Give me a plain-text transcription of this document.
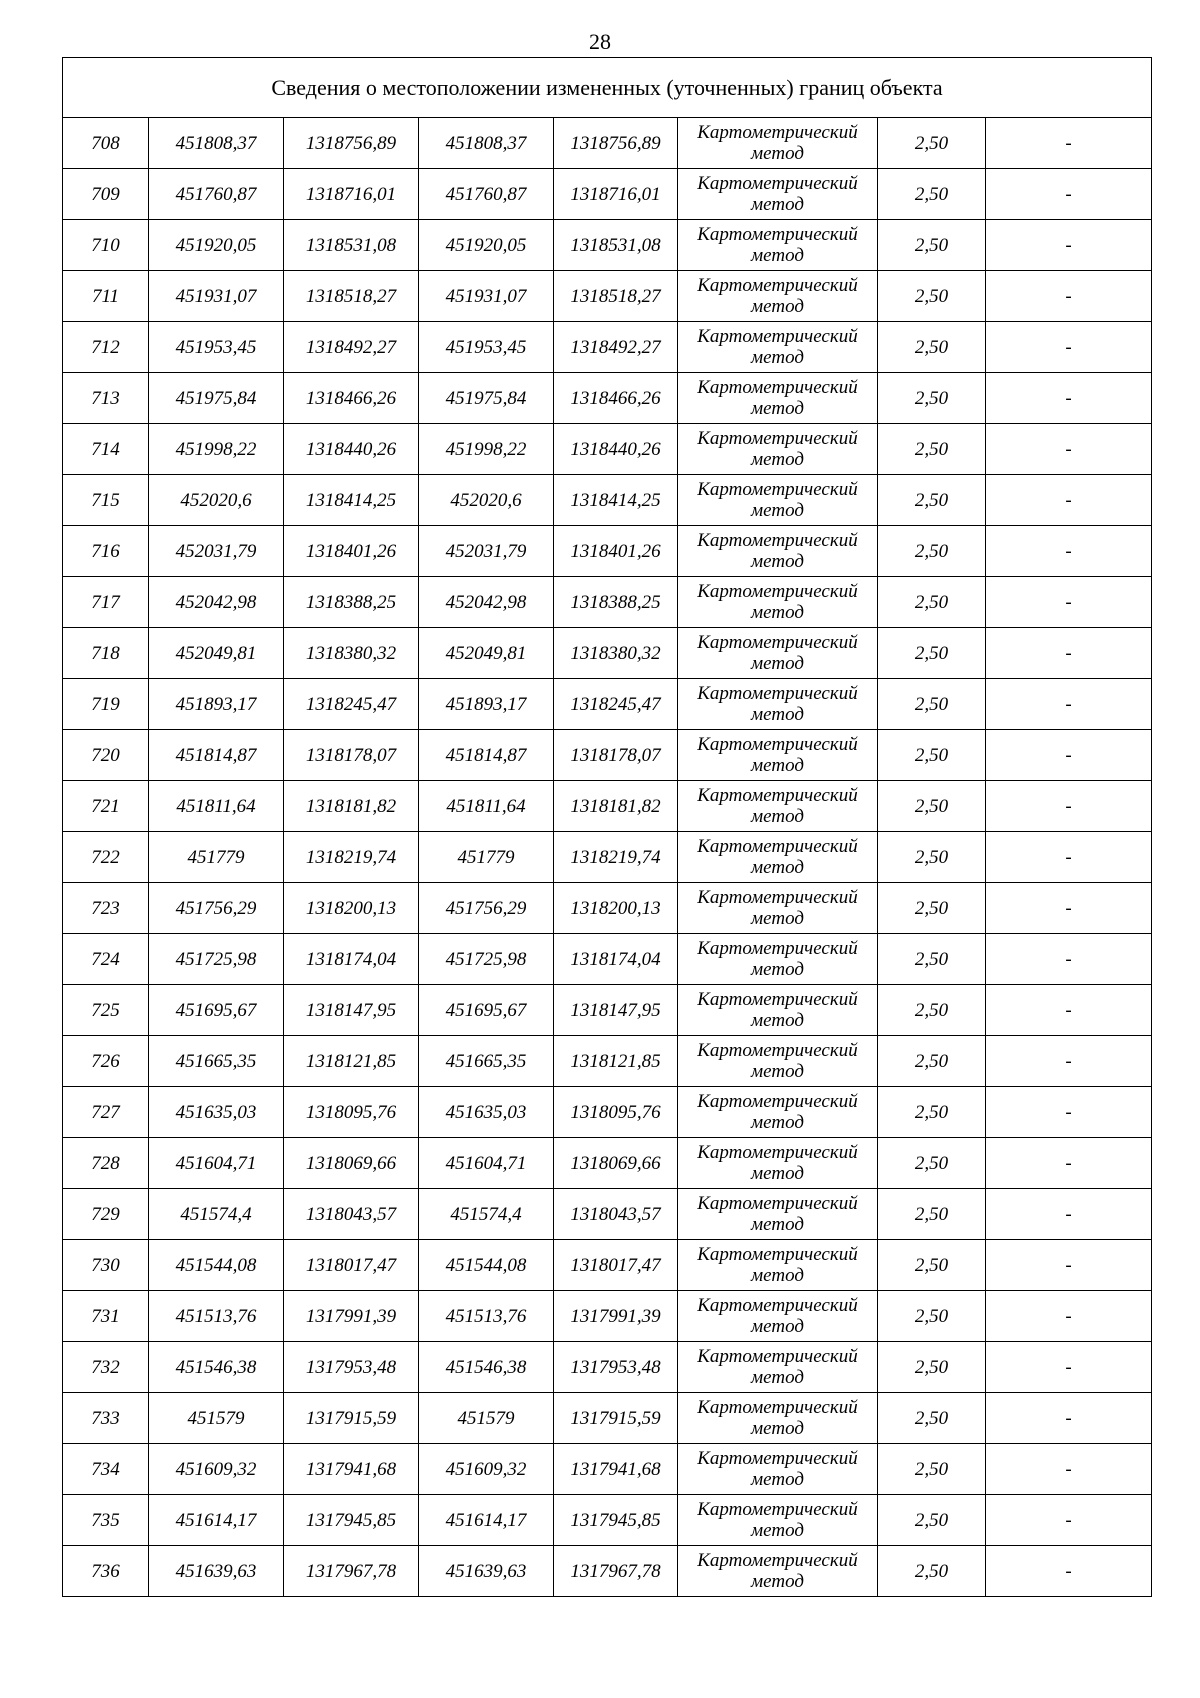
28
Сведения о местоположении измененных (уточненных) границ объекта							
708	451808,37	1318756,89	451808,37	1318756,89	Картометрический метод	2,50	-
709	451760,87	1318716,01	451760,87	1318716,01	Картометрический метод	2,50	-
710	451920,05	1318531,08	451920,05	1318531,08	Картометрический метод	2,50	-
711	451931,07	1318518,27	451931,07	1318518,27	Картометрический метод	2,50	-
712	451953,45	1318492,27	451953,45	1318492,27	Картометрический метод	2,50	-
713	451975,84	1318466,26	451975,84	1318466,26	Картометрический метод	2,50	-
714	451998,22	1318440,26	451998,22	1318440,26	Картометрический метод	2,50	-
715	452020,6	1318414,25	452020,6	1318414,25	Картометрический метод	2,50	-
716	452031,79	1318401,26	452031,79	1318401,26	Картометрический метод	2,50	-
717	452042,98	1318388,25	452042,98	1318388,25	Картометрический метод	2,50	-
718	452049,81	1318380,32	452049,81	1318380,32	Картометрический метод	2,50	-
719	451893,17	1318245,47	451893,17	1318245,47	Картометрический метод	2,50	-
720	451814,87	1318178,07	451814,87	1318178,07	Картометрический метод	2,50	-
721	451811,64	1318181,82	451811,64	1318181,82	Картометрический метод	2,50	-
722	451779	1318219,74	451779	1318219,74	Картометрический метод	2,50	-
723	451756,29	1318200,13	451756,29	1318200,13	Картометрический метод	2,50	-
724	451725,98	1318174,04	451725,98	1318174,04	Картометрический метод	2,50	-
725	451695,67	1318147,95	451695,67	1318147,95	Картометрический метод	2,50	-
726	451665,35	1318121,85	451665,35	1318121,85	Картометрический метод	2,50	-
727	451635,03	1318095,76	451635,03	1318095,76	Картометрический метод	2,50	-
728	451604,71	1318069,66	451604,71	1318069,66	Картометрический метод	2,50	-
729	451574,4	1318043,57	451574,4	1318043,57	Картометрический метод	2,50	-
730	451544,08	1318017,47	451544,08	1318017,47	Картометрический метод	2,50	-
731	451513,76	1317991,39	451513,76	1317991,39	Картометрический метод	2,50	-
732	451546,38	1317953,48	451546,38	1317953,48	Картометрический метод	2,50	-
733	451579	1317915,59	451579	1317915,59	Картометрический метод	2,50	-
734	451609,32	1317941,68	451609,32	1317941,68	Картометрический метод	2,50	-
735	451614,17	1317945,85	451614,17	1317945,85	Картометрический метод	2,50	-
736	451639,63	1317967,78	451639,63	1317967,78	Картометрический метод	2,50	-
